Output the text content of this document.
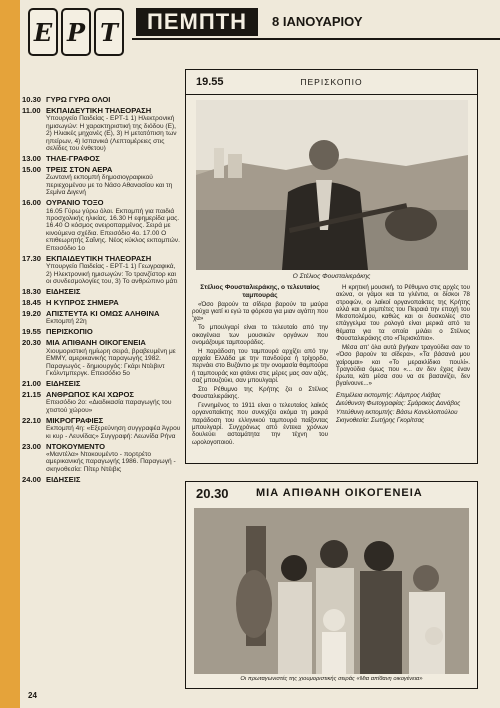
Ε Ρ Τ	ΠΕΜΠΤΗ	8 ΙΑΝΟΥΑΡΙΟΥ
10.30 ΓΥΡΩ ΓΥΡΩ ΟΛΟΙ
11.00 ΕΚΠΑΙΔΕΥΤΙΚΗ ΤΗΛΕΟΡΑΣΗ
Υπουργείο Παιδείας - ΕΡΤ-1 1) Ηλεκτρονική ημισωγών: Η χαρακτηριστική της διόδου (Ε), 2) Ηλιακές μηχανές (Ε), 3) Η μετατόπιση των ηπείρων, 4) Ισπανικά (Λεπτομέρειες στις σελίδες του ένθετου)
13.00 ΤΗΛΕ-ΓΡΑΦΟΣ
15.00 ΤΡΕΙΣ ΣΤΟΝ ΑΕΡΑ
Ζωντανή εκπομπή δημοσιογραφικού περιεχομένου με το Νάσο Αθανασίου και τη Σεμίνα Διγενή
16.00 ΟΥΡΑΝΙΟ ΤΟΞΟ
16.05 Γύρω γύρω όλοι. Εκπομπή για παιδιά προσχολικής ηλικίας. 16.30 Η εφημερίδα μας. 16.40 Ο κόσμος ονειροπαρμένος. Σειρά με κινούμενα σχέδια. Επεισόδιο 4ο. 17.00 Ο επιθεωρητής Σαΐνης. Νέος κύκλος εκπομπών. Επεισόδιο 1ο
17.30 ΕΚΠΑΙΔΕΥΤΙΚΗ ΤΗΛΕΟΡΑΣΗ
Υπουργείο Παιδείας - ΕΡΤ-1 1) Γεωγραφικά, 2) Ηλεκτρονική ημισωγών: Το τρανζίστορ και οι συνδεσμολογίες του, 3) Το ανθρώπινο μάτι
18.30 ΕΙΔΗΣΕΙΣ
18.45 Η ΚΥΠΡΟΣ ΣΗΜΕΡΑ
19.20 ΑΠΙΣΤΕΥΤΑ ΚΙ ΟΜΩΣ ΑΛΗΘΙΝΑ
Εκπομπή 22η
19.55 ΠΕΡΙΣΚΟΠΙΟ
20.30 ΜΙΑ ΑΠΙΘΑΝΗ ΟΙΚΟΓΕΝΕΙΑ
Χιουμοριστική ημίωρη σειρά, βραβευμένη με ΕΜΜΥ, αμερικανικής παραγωγής 1982. Παραγωγός - δημιουργός: Γκάρι Ντέιβιντ Γκόλντμπεργκ. Επεισόδιο 5ο
21.00 ΕΙΔΗΣΕΙΣ
21.15 ΑΝΘΡΩΠΟΣ ΚΑΙ ΧΩΡΟΣ
Επεισόδιο 2ο: «Διαδικασία παραγωγής του χτιστού χώρου»
22.10 ΜΙΚΡΟΓΡΑΦΙΕΣ
Εκπομπή 4η: «Εξερεύνηση συγγραφέα Άγρου κι κυρ - Λευνίδας» Συγγραφή: Λεωνίδα Ρήνα
23.00 ΝΤΟΚΟΥΜΕΝΤΟ
«Μαντέλα» Ντοκουμέντο - πορτρέτο αμερικανικής παραγωγής 1986. Παραγωγή - σκηνοθεσία: Πίτερ Ντέιβις
24.00 ΕΙΔΗΣΕΙΣ
19.55	ΠΕΡΙΣΚΟΠΙΟ
Ο Στέλιος Φουσταλιεράκης

Στέλιος Φουσταλιεράκης, ο τελευταίος ταμπουράς

«Όσο βαρούν τα σίδερα βαρούν τα μαύρα ρούχα γιατί κι εγώ τα φόρεσα για μιαν αγάπη που 'χα»

Το μπουλγαρί είναι το τελευταίο από την οικογένεια των μουσικών οργάνων που ονομάζουμε ταμπουράδες.

Η παράδοση του ταμπουρά αρχίζει από την αρχαία Ελλάδα με την πανδούρα ή τρίχορδο, περνάει στο Βυζάντιο με την ονομασία θαμπούρα ή ταμπουράς και φτάνει στις μέρες μας σαν αζάς, σαζ μπουζούκι, σαν μπουλγαρί.

Στο Ρέθυμνο της Κρήτης ζει ο Στέλιος Φουσταλιεράκης.

Γεννημένος το 1911 είναι ο τελευταίος λαϊκός οργανοπαίκτης που συνεχίζει ακόμα τη μακρά παράδοση του ελληνικού ταμπουρά παίζοντας μπουλγαρί. Συγχρόνως από έντεκα χρόνων δουλεύει ασταμάτητα την τέχνη του ωρολογοποιού.

Η κρητική μουσική, το Ρέθυμνο στις αρχές του αιώνα, οι γάμοι και τα γλέντια, οι δίσκοι 78 στροφών, οι λαϊκοί οργανοπαίκτες της Κρήτης αλλά και οι ρεμπέτες του Πειραιά την εποχή του Μεσοπολέμου, καθώς και οι δυσκολίες στο επάγγελμα του ρολογά είναι μερικά από τα θέματα για τα οποία μιλάει ο Στέλιος Φουσταλιεράκης στο «Περισκόπιο».

Μέσα απ' όλα αυτά βγήκαν τραγούδια σαν το «Όσο βαρούν τα σίδερα», «Τα βάσανά μου χαίρομαι» και «Το μερακλίδικο πουλί». Τραγούδια όμως που «... αν δεν έχεις έναν έρωτα, κάτι μέσα σου να σε βασανίζει, δεν βγαίνουνε...»

Επιμέλεια εκπομπής: Λάμπρος Λιάβας
Διεύθυνση Φωτογραφίας: Σμάρακος Δανάβος
Υπεύθυνη εκπομπής: Βάσω Κανελλοπούλου
Σκηνοθεσία: Σωτήρης Γκορίτσας
20.30 ΜΙΑ ΑΠΙΘΑΝΗ ΟΙΚΟΓΕΝΕΙΑ
Οι πρωταγωνιστές της χιουμοριστικής σειράς «Μια απίθανη οικογένεια»
24
